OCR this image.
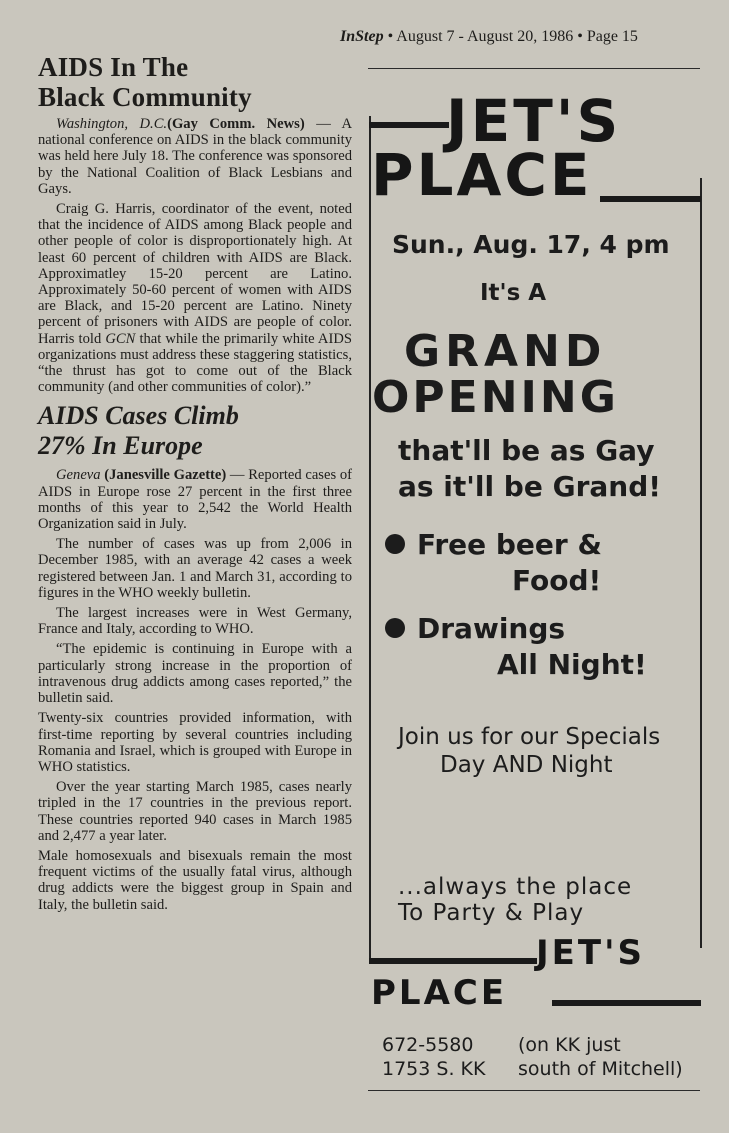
InStep • August 7 - August 20, 1986 • Page 15
AIDS In The
Black Community

Washington, D.C.(Gay Comm. News) — A national conference on AIDS in the black community was held here July 18. The conference was sponsored by the National Coalition of Black Lesbians and Gays.

Craig G. Harris, coordinator of the event, noted that the incidence of AIDS among Black people and other people of color is disproportionately high. At least 60 percent of children with AIDS are Black. Approximatley 15-20 percent are Latino. Approximately 50-60 percent of women with AIDS are Black, and 15-20 percent are Latino. Ninety percent of prisoners with AIDS are people of color. Harris told GCN that while the primarily white AIDS organizations must address these staggering statistics, “the thrust has got to come out of the Black community (and other communities of color).”

AIDS Cases Climb
27% In Europe

Geneva (Janesville Gazette) — Reported cases of AIDS in Europe rose 27 percent in the first three months of this year to 2,542 the World Health Organization said in July.

The number of cases was up from 2,006 in December 1985, with an average 42 cases a week registered between Jan. 1 and March 31, according to figures in the WHO weekly bulletin.

The largest increases were in West Germany, France and Italy, according to WHO.

“The epidemic is continuing in Europe with a particularly strong increase in the proportion of intravenous drug addicts among cases reported,” the bulletin said.

Twenty-six countries provided information, with first-time reporting by several countries including Romania and Israel, which is grouped with Europe in WHO statistics.

Over the year starting March 1985, cases nearly tripled in the 17 countries in the previous report. These countries reported 940 cases in March 1985 and 2,477 a year later.

Male homosexuals and bisexuals remain the most frequent victims of the usually fatal virus, although drug addicts were the biggest group in Spain and Italy, the bulletin said.

JET'S
PLACE
Sun., Aug. 17, 4 pm
It's A
GRAND
OPENING
that'll be as Gay
as it'll be Grand!
Free beer &
Food!
Drawings
All Night!
Join us for our Specials
Day AND Night
...always the place
To Party & Play
JET'S
PLACE
672-5580
1753 S. KK
(on KK just
south of Mitchell)
